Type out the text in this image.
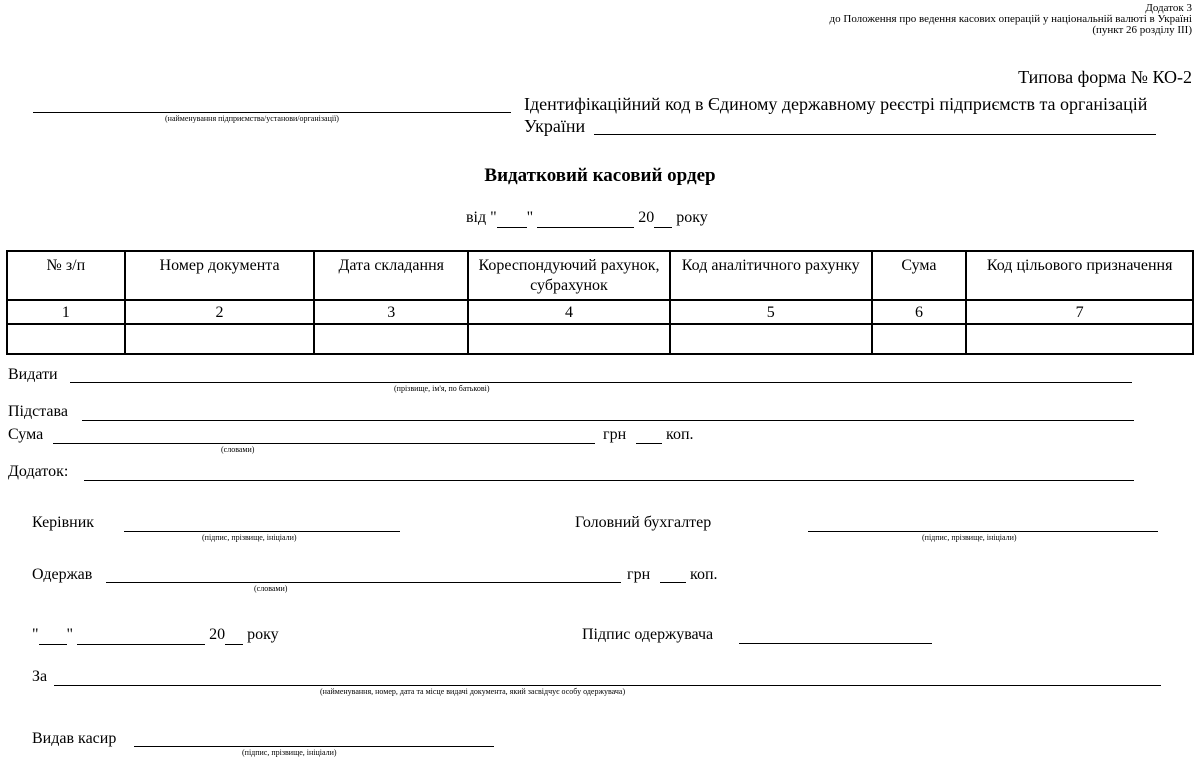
Додаток 3
до Положення про ведення касових операцій у національній валюті в Україні
(пункт 26 розділу ІІІ)
Типова форма № КО-2
(найменування підприємства/установи/організації)
Ідентифікаційний код в Єдиному державному реєстрі підприємств та організацій
України
Видатковий касовий ордер
від " "	20 року
№ з/п	Номер документа	Дата складання	Кореспондуючий рахунок, субрахунок	Код аналітичного рахунку	Сума	Код цільового призначення
1	2	3	4	5	6	7

Видати
(прізвище, ім'я, по батькові)
Підстава
Сума
(словами)
грн коп.
Додаток:
Керівник
(підпис, прізвище, ініціали)
Головний бухгалтер
(підпис, прізвище, ініціали)
Одержав
(словами)
грн коп.
" "	20 року	Підпис одержувача
За
(найменування, номер, дата та місце видачі документа, який засвідчує особу одержувача)
Видав касир
(підпис, прізвище, ініціали)
